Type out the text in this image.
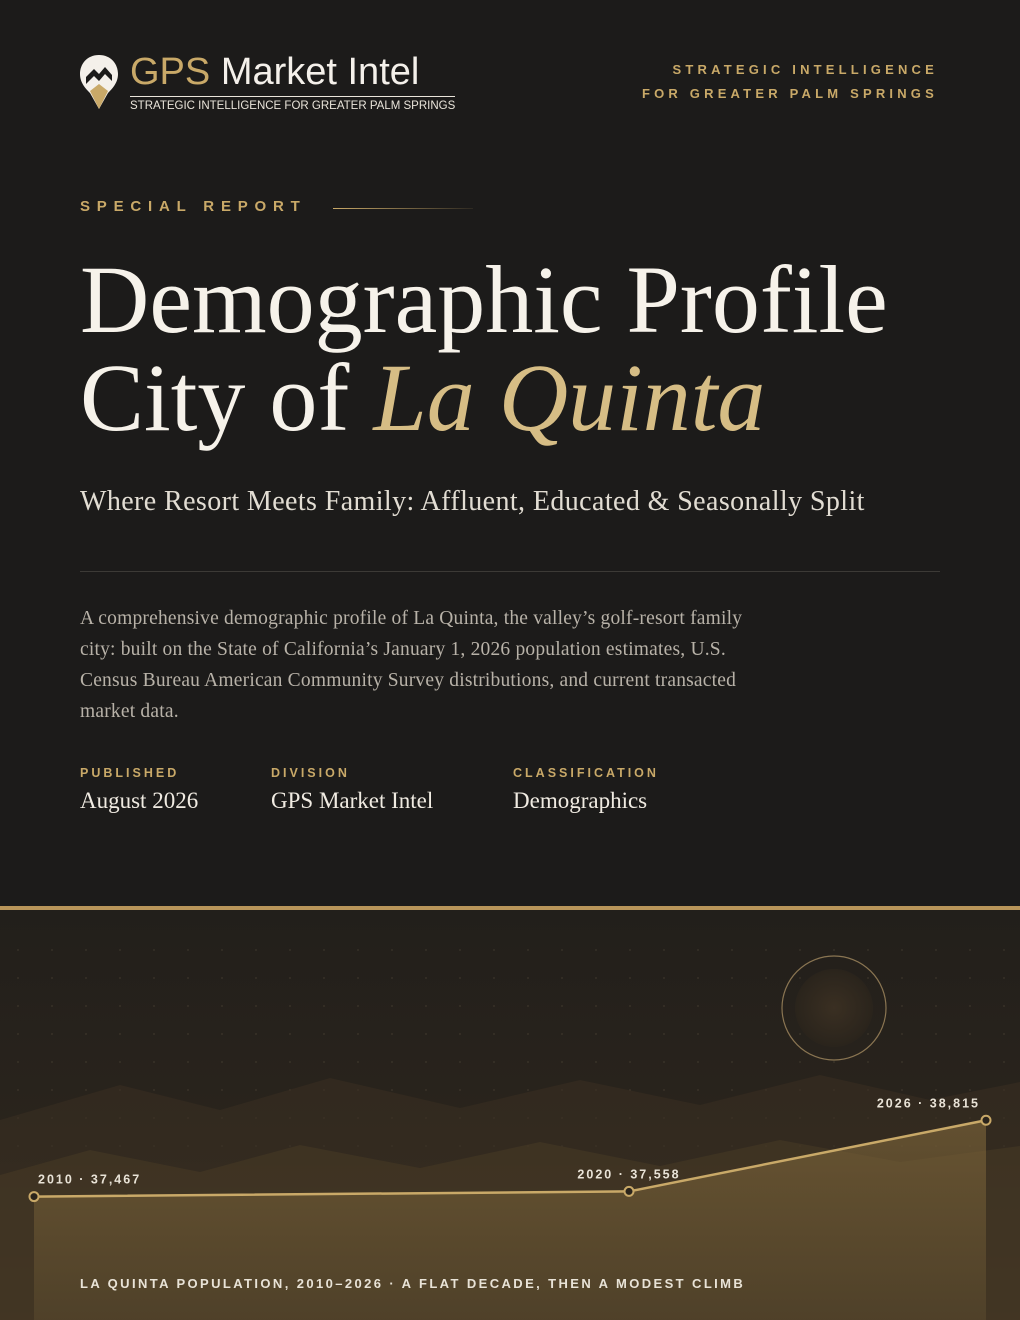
GPS Market Intel
STRATEGIC INTELLIGENCE FOR GREATER PALM SPRINGS
STRATEGIC INTELLIGENCE
FOR GREATER PALM SPRINGS
SPECIAL REPORT
Demographic Profile
City of La Quinta
Where Resort Meets Family: Affluent, Educated & Seasonally Split
A comprehensive demographic profile of La Quinta, the valley’s golf-resort family city: built on the State of California’s January 1, 2026 population estimates, U.S. Census Bureau American Community Survey distributions, and current transacted market data.
PUBLISHED
August 2026
DIVISION
GPS Market Intel
CLASSIFICATION
Demographics
2010 · 37,467	2020 · 37,558
2026 · 38,815
LA QUINTA POPULATION, 2010–2026 · A FLAT DECADE, THEN A MODEST CLIMB
